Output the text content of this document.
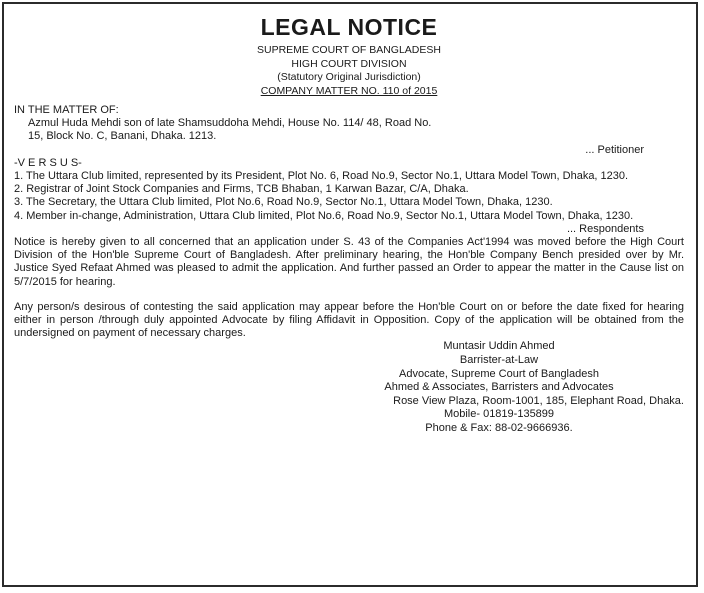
LEGAL NOTICE
SUPREME COURT OF BANGLADESH
HIGH COURT DIVISION
(Statutory Original Jurisdiction)
COMPANY MATTER NO. 110 of 2015
IN THE MATTER OF:
Azmul Huda Mehdi son of late Shamsuddoha Mehdi, House No. 114/ 48, Road No.
15, Block No. C, Banani, Dhaka. 1213.
... Petitioner
-V E R S U S-
1. The Uttara Club limited, represented by its President, Plot No. 6, Road No.9, Sector No.1, Uttara Model Town, Dhaka, 1230.
2. Registrar of Joint Stock Companies and Firms, TCB Bhaban, 1 Karwan Bazar, C/A, Dhaka.
3. The Secretary, the Uttara Club limited, Plot No.6, Road No.9, Sector No.1, Uttara Model Town, Dhaka, 1230.
4. Member in-change, Administration, Uttara Club limited, Plot No.6, Road No.9, Sector No.1, Uttara Model Town, Dhaka, 1230.
... Respondents
Notice is hereby given to all concerned that an application under S. 43 of the Companies Act'1994 was moved before the High Court Division of the Hon'ble Supreme Court of Bangladesh. After preliminary hearing, the Hon'ble Company Bench presided over by Mr. Justice Syed Refaat Ahmed was pleased to admit the application. And further passed an Order to appear the matter in the Cause list on 5/7/2015 for hearing.
Any person/s desirous of contesting the said application may appear before the Hon'ble Court on or before the date fixed for hearing either in person /through duly appointed Advocate by filing Affidavit in Opposition. Copy of the application will be obtained from the undersigned on payment of necessary charges.
Muntasir Uddin Ahmed
Barrister-at-Law
Advocate, Supreme Court of Bangladesh
Ahmed & Associates, Barristers and Advocates
Rose View Plaza, Room-1001, 185, Elephant Road, Dhaka.
Mobile- 01819-135899
Phone & Fax: 88-02-9666936.
